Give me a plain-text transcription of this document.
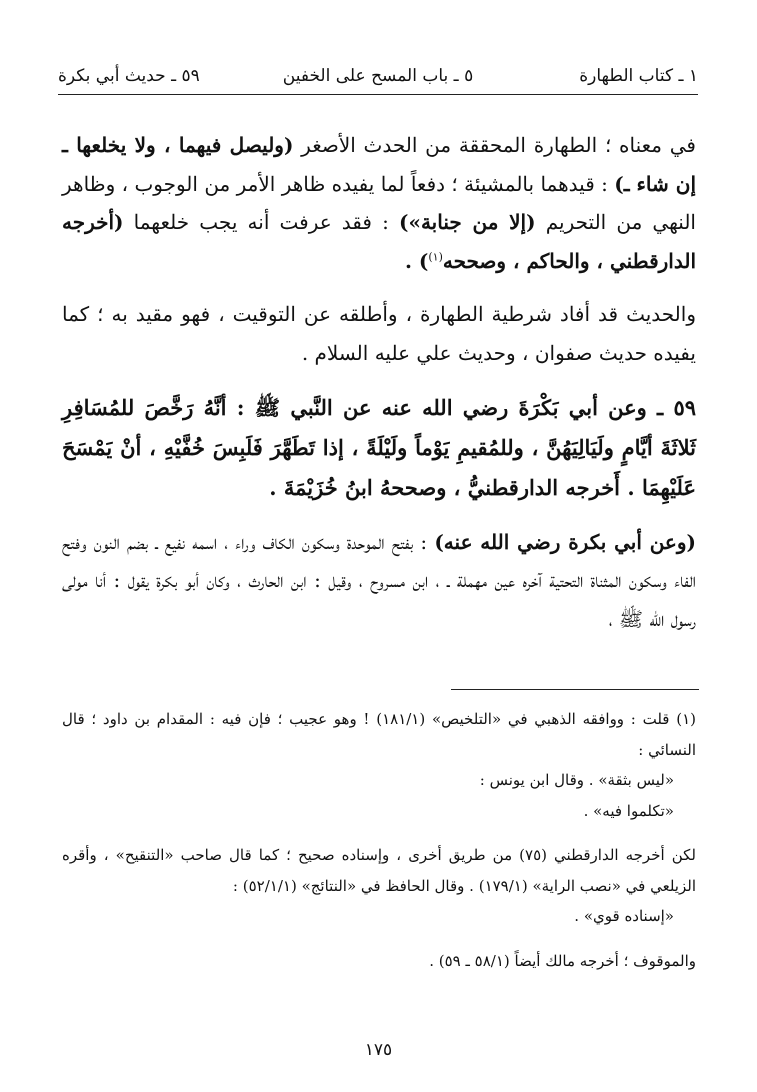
١ ـ كتاب الطهارة
٥ ـ باب المسح على الخفين
٥٩ ـ حديث أبي بكرة

في معناه ؛ الطهارة المحققة من الحدث الأصغر (وليصل فيهما ، ولا يخلعها ـ إن شاء ـ) : قيدهما بالمشيئة ؛ دفعاً لما يفيده ظاهر الأمر من الوجوب ، وظاهر النهي من التحريم (إلا من جنابة») : فقد عرفت أنه يجب خلعهما (أخرجه الدارقطني ، والحاكم ، وصححه$^{(١)}$) .

والحديث قد أفاد شرطية الطهارة ، وأطلقه عن التوقيت ، فهو مقيد به ؛ كما يفيده حديث صفوان ، وحديث علي عليه السلام .

٥٩ ـ وعن أبي بَكْرَةَ رضي الله عنه عن النَّبي ﷺ : أنَّهُ رَخَّصَ للمُسَافِرِ ثَلاثَةَ أيَّامٍ ولَيَالِيَهُنَّ ، وللمُقيمِ يَوْماً ولَيْلَةً ، إذا تَطَهَّرَ فَلَبِسَ خُفَّيْهِ ، أنْ يَمْسَحَ عَلَيْهِمَا . أَخرجه الدارقطنيُّ ، وصححهُ ابنُ خُزَيْمَةَ .

(وعن أبي بكرة رضي الله عنه) : بفتح الموحدة وسكون الكاف وراء ، اسمه نفيع ـ بضم النون وفتح الفاء وسكون المثناة التحتية آخره عين مهملة ـ ، ابن مسروح ، وقيل : ابن الحارث ، وكان أبو بكرة يقول : أنا مولى رسول الله ﷺ ،

(١) قلت : ووافقه الذهبي في «التلخيص» (١٨١/١) ! وهو عجيب ؛ فإن فيه : المقدام بن داود ؛ قال النسائي :

«ليس بثقة» . وقال ابن يونس :

«تكلموا فيه» .

لكن أخرجه الدارقطني (٧٥) من طريق أخرى ، وإسناده صحيح ؛ كما قال صاحب «التنقيح» ، وأقره الزيلعي في «نصب الراية» (١٧٩/١) . وقال الحافظ في «النتائج» (٥٢/١/١) :

«إسناده قوي» .

والموقوف ؛ أخرجه مالك أيضاً (٥٨/١ ـ ٥٩) .

١٧٥
